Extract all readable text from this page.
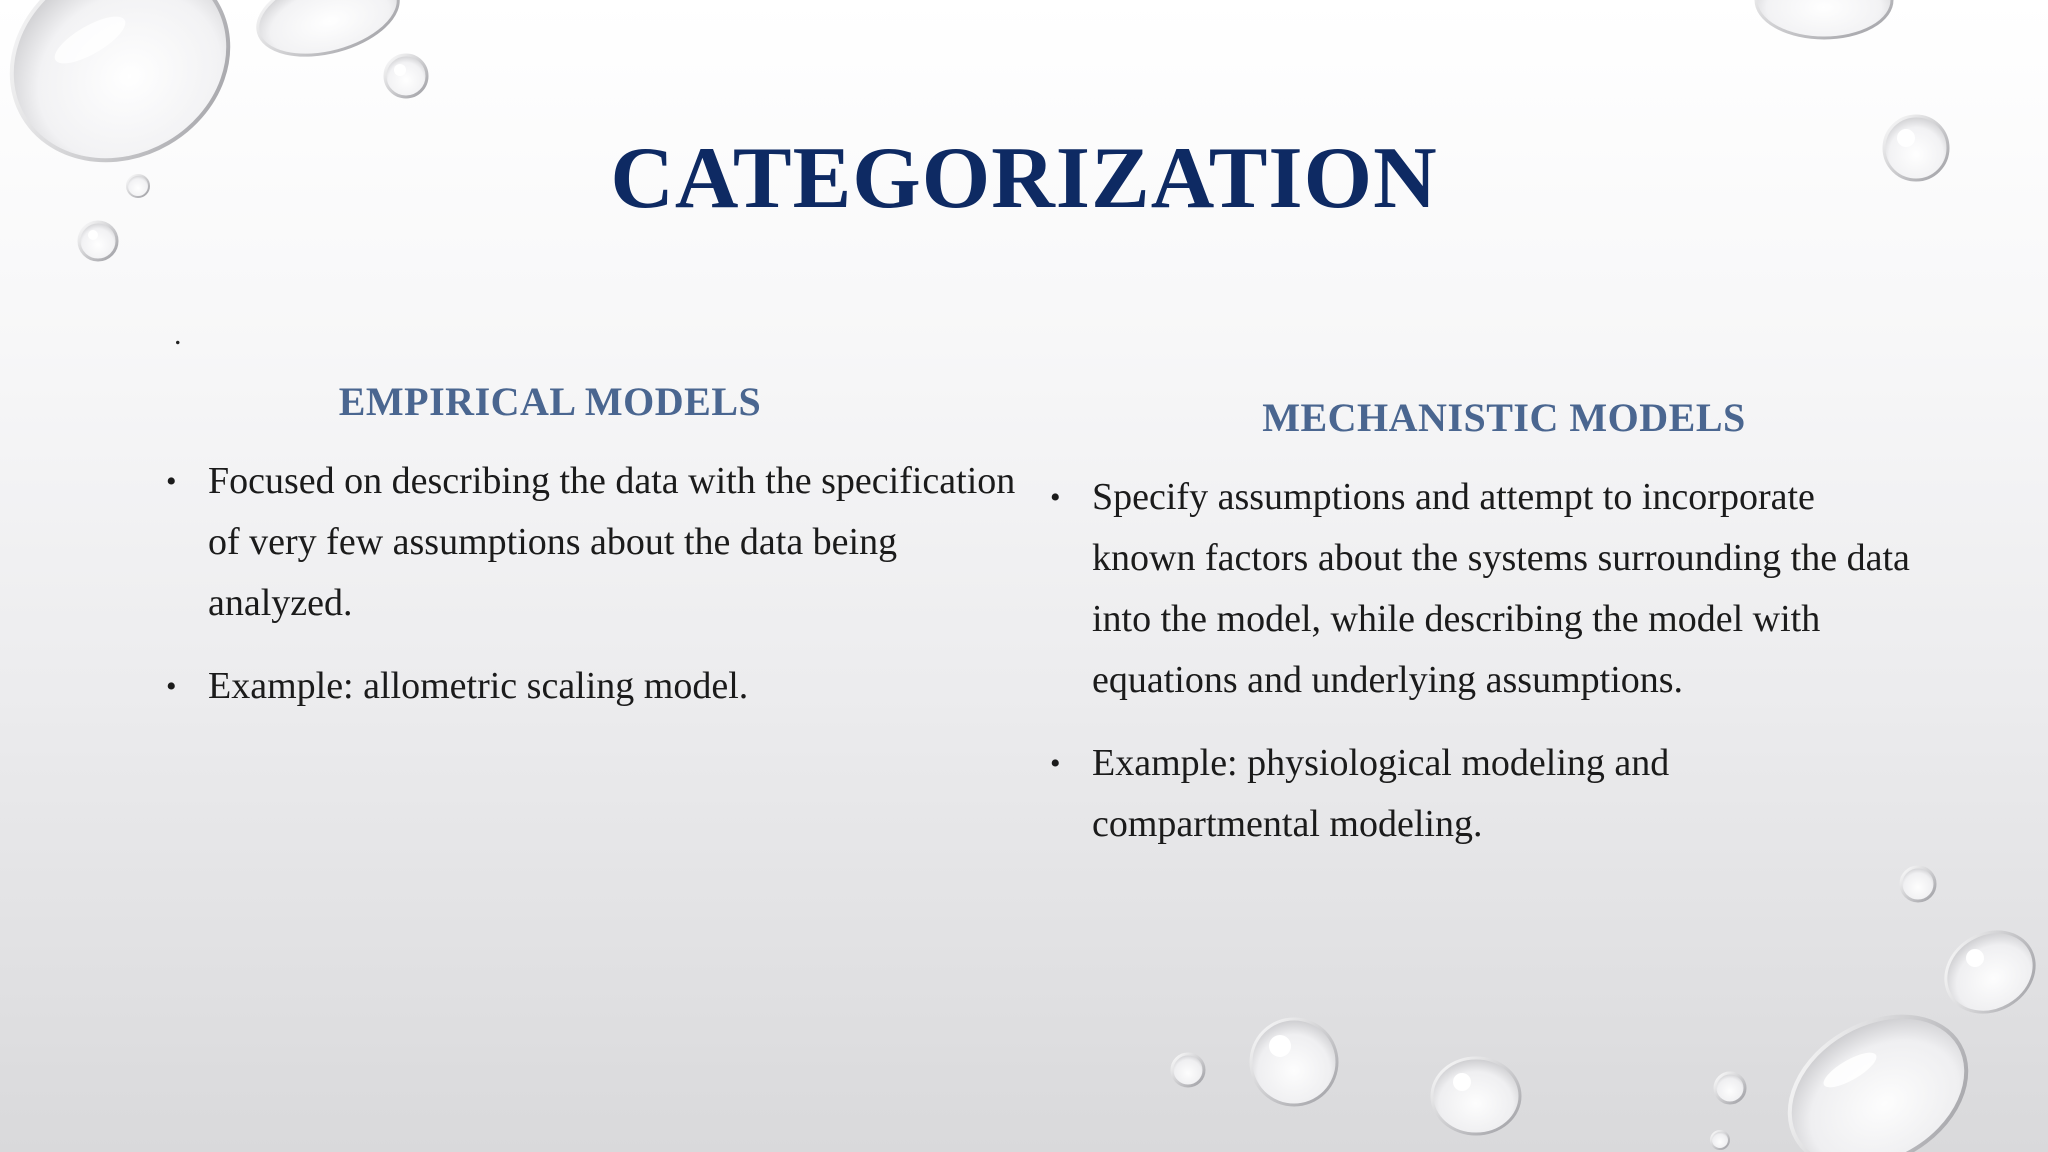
CATEGORIZATION
.
EMPIRICAL MODELS
• Focused on describing the data with the specification of very few assumptions about the data being analyzed.
• Example: allometric scaling model.
MECHANISTIC MODELS
• Specify assumptions and attempt to incorporate known factors about the systems surrounding the data into the model, while describing the model with equations and underlying assumptions.
• Example: physiological modeling and compartmental modeling.
